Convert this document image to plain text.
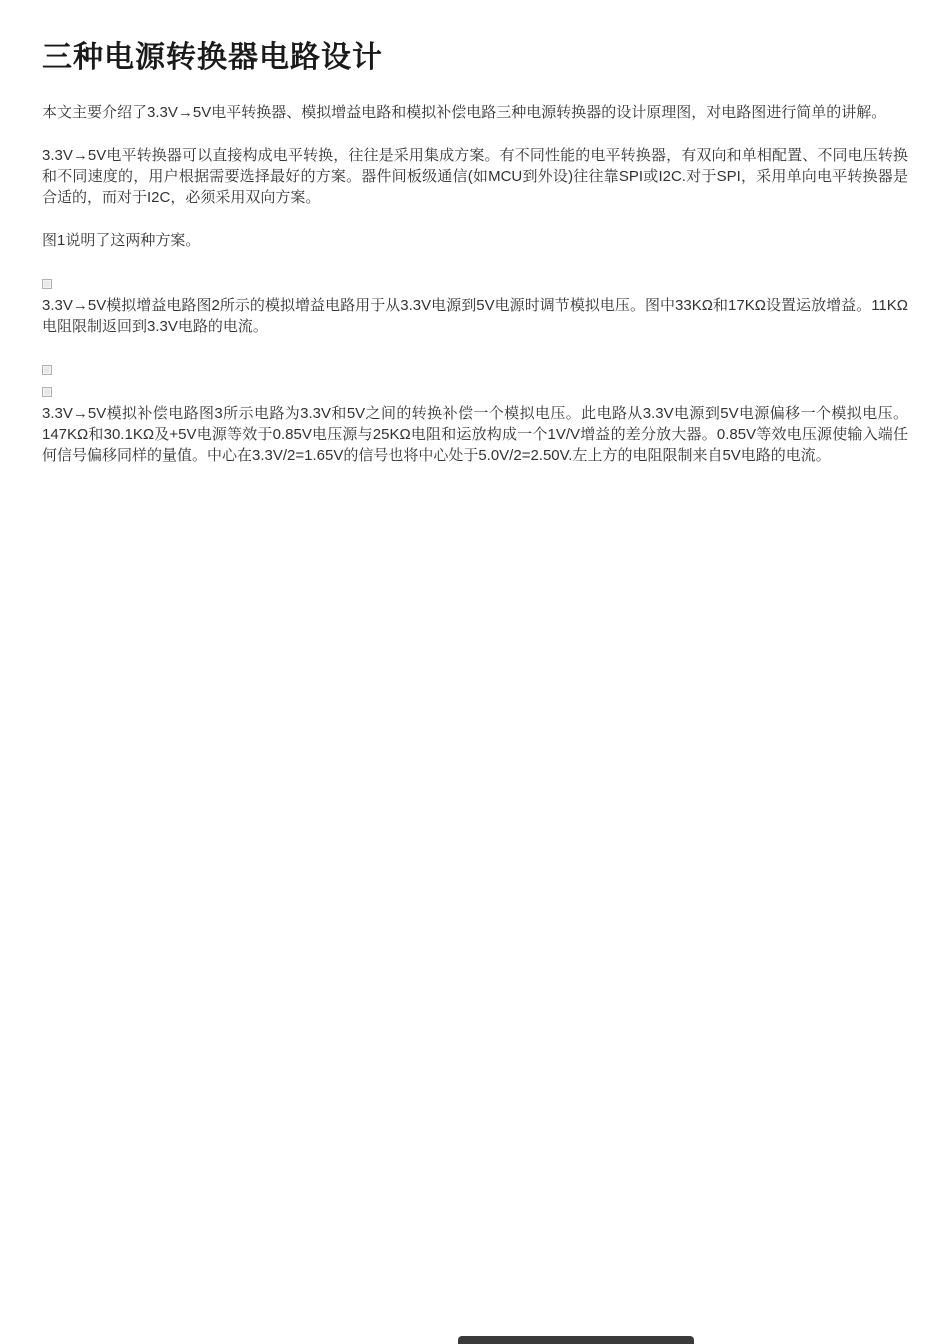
三种电源转换器电路设计

本文主要介绍了3.3V→5V电平转换器、模拟增益电路和模拟补偿电路三种电源转换器的设计原理图，对电路图进行简单的讲解。

3.3V→5V电平转换器可以直接构成电平转换，往往是采用集成方案。有不同性能的电平转换器，有双向和单相配置、不同电压转换和不同速度的，用户根据需要选择最好的方案。器件间板级通信(如MCU到外设)往往靠SPI或I2C.对于SPI，采用单向电平转换器是合适的，而对于I2C，必须采用双向方案。

图1说明了这两种方案。

3.3V→5V模拟增益电路图2所示的模拟增益电路用于从3.3V电源到5V电源时调节模拟电压。图中33KΩ和17KΩ设置运放增益。11KΩ电阻限制返回到3.3V电路的电流。

3.3V→5V模拟补偿电路图3所示电路为3.3V和5V之间的转换补偿一个模拟电压。此电路从3.3V电源到5V电源偏移一个模拟电压。147KΩ和30.1KΩ及+5V电源等效于0.85V电压源与25KΩ电阻和运放构成一个1V/V增益的差分放大器。0.85V等效电压源使输入端任何信号偏移同样的量值。中心在3.3V/2=1.65V的信号也将中心处于5.0V/2=2.50V.左上方的电阻限制来自5V电路的电流。
